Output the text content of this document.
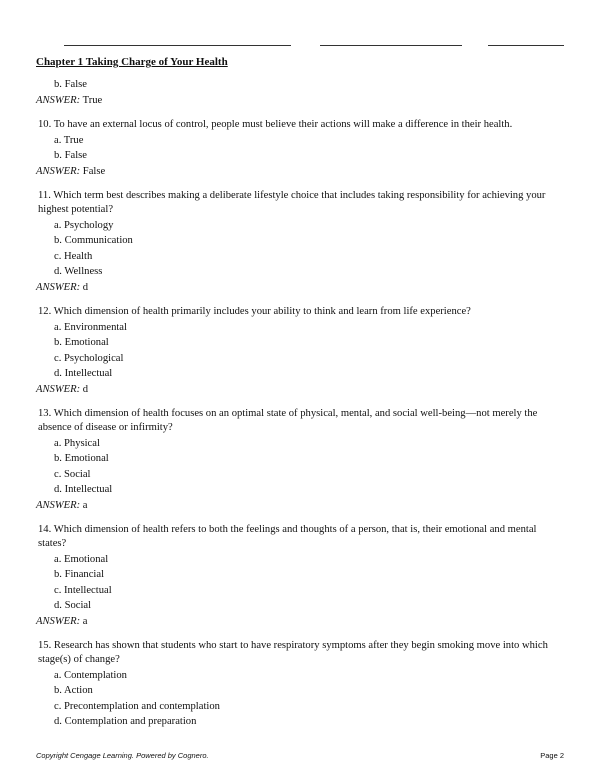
Chapter 1 Taking Charge of Your Health
b. False
ANSWER: True
10. To have an external locus of control, people must believe their actions will make a difference in their health.
a. True
b. False
ANSWER: False
11. Which term best describes making a deliberate lifestyle choice that includes taking responsibility for achieving your highest potential?
a. Psychology
b. Communication
c. Health
d. Wellness
ANSWER: d
12. Which dimension of health primarily includes your ability to think and learn from life experience?
a. Environmental
b. Emotional
c. Psychological
d. Intellectual
ANSWER: d
13. Which dimension of health focuses on an optimal state of physical, mental, and social well-being—not merely the absence of disease or infirmity?
a. Physical
b. Emotional
c. Social
d. Intellectual
ANSWER: a
14. Which dimension of health refers to both the feelings and thoughts of a person, that is, their emotional and mental states?
a. Emotional
b. Financial
c. Intellectual
d. Social
ANSWER: a
15. Research has shown that students who start to have respiratory symptoms after they begin smoking move into which stage(s) of change?
a. Contemplation
b. Action
c. Precontemplation and contemplation
d. Contemplation and preparation
Copyright Cengage Learning. Powered by Cognero.	Page 2
